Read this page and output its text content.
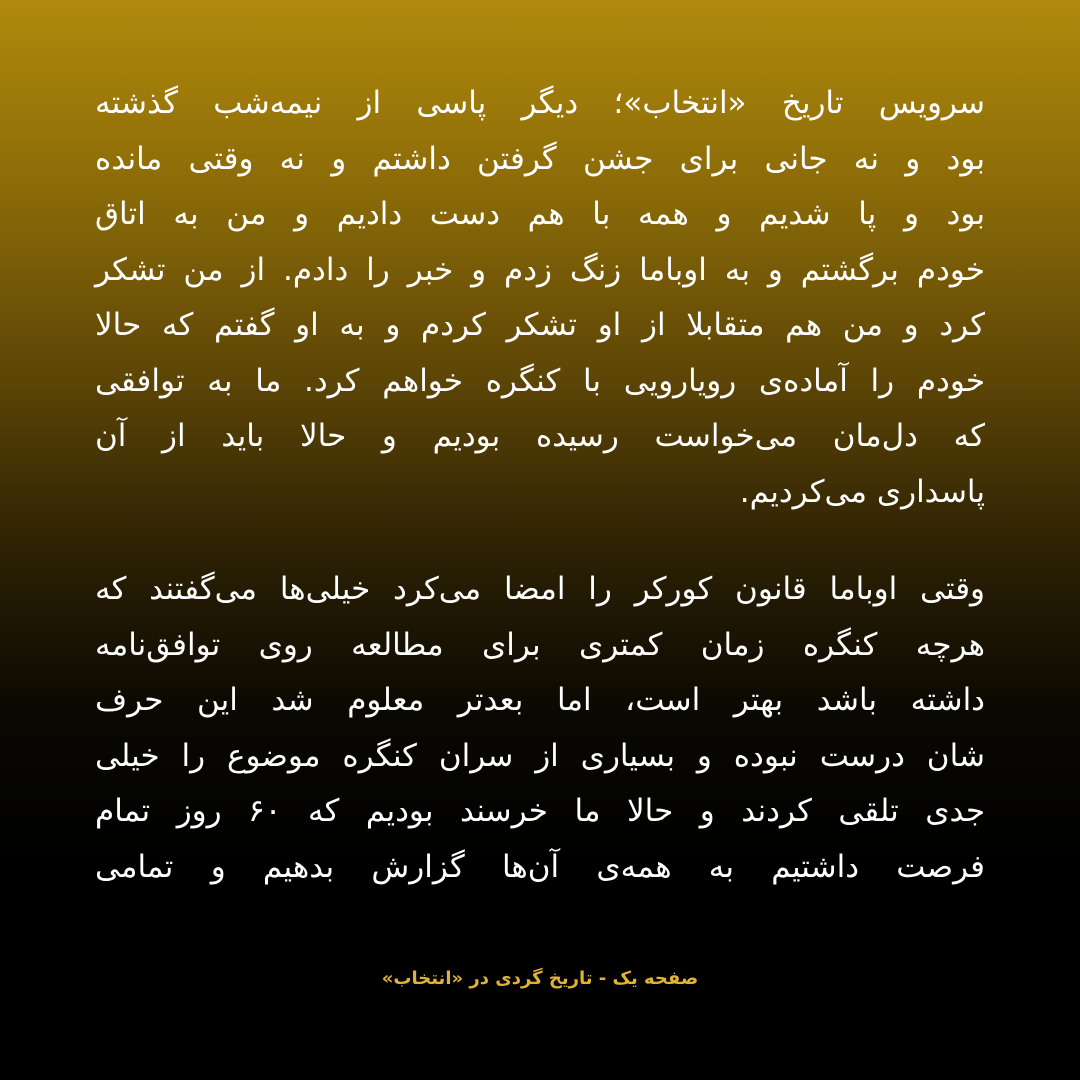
سرویس تاریخ «انتخاب»؛ دیگر پاسی از نیمه‌شب گذشته
بود و نه جانی برای جشن گرفتن داشتم و نه وقتی مانده
بود و پا شدیم و همه با هم دست دادیم و من به اتاق
خودم برگشتم و به اوباما زنگ زدم و خبر را دادم. از من تشکر
کرد و من هم متقابلا از او تشکر کردم و به او گفتم که حالا
خودم را آماده‌ی رویارویی با کنگره خواهم کرد. ما به توافقی
که دل‌مان می‌خواست رسیده بودیم و حالا باید از آن
پاسداری می‌کردیم.
وقتی اوباما قانون کورکر را امضا می‌کرد خیلی‌ها می‌گفتند که
هرچه کنگره زمان کمتری برای مطالعه روی توافق‌نامه
داشته باشد بهتر است، اما بعدتر معلوم شد این حرف
شان درست نبوده و بسیاری از سران کنگره موضوع را خیلی
جدی تلقی کردند و حالا ما خرسند بودیم که ۶۰ روز تمام
فرصت داشتیم به همه‌ی آن‌ها گزارش بدهیم و تمامی
صفحه یک - تاریخ گردی در «انتخاب»
